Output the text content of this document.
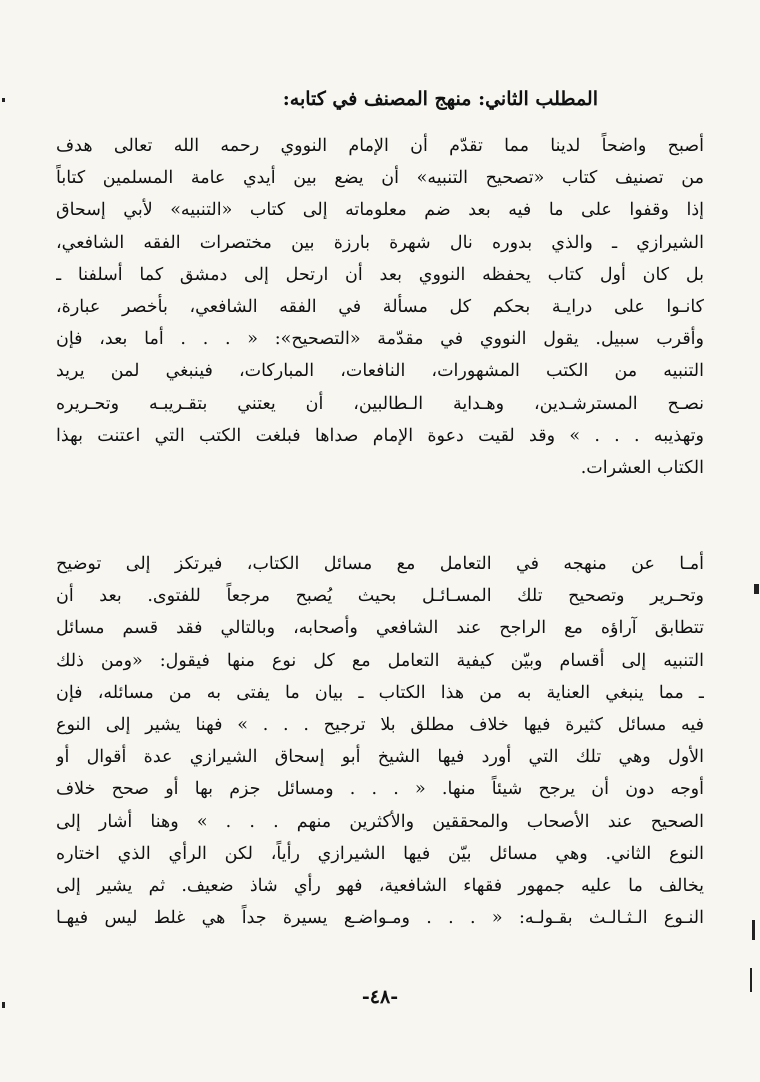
المطلب الثاني: منهج المصنف في كتابه:
أصبح واضحاً لدينا مما تقدّم أن الإمام النووي رحمه الله تعالى هدف
من تصنيف كتاب «تصحيح التنبيه» أن يضع بين أيدي عامة المسلمين كتاباً
إذا وقفوا على ما فيه بعد ضم معلوماته إلى كتاب «التنبيه» لأبي إسحاق
الشيرازي ـ والذي بدوره نال شهرة بارزة بين مختصرات الفقه الشافعي،
بل كان أول كتاب يحفظه النووي بعد أن ارتحل إلى دمشق كما أسلفنا ـ
كانـوا على درايـة بحكم كل مسألة في الفقه الشافعي، بأخصر عبارة،
وأقرب سبيل. يقول النووي في مقدّمة «التصحيح»: « . . . أما بعد، فإن
التنبيه من الكتب المشهورات، النافعات، المباركات، فينبغي لمن يريد
نصـح المسترشـدين، وهـداية الـطالبين، أن يعتني بتقـريبـه وتحـريره
وتهذيبه . . . » وقد لقيت دعوة الإمام صداها فبلغت الكتب التي اعتنت بهذا
الكتاب العشرات.
أمـا عن منهجه في التعامل مع مسائل الكتاب، فيرتكز إلى توضيح
وتحـرير وتصحيح تلك المسـائـل بحيث يُصبح مرجعاً للفتوى. بعد أن
تتطابق آراؤه مع الراجح عند الشافعي وأصحابه، وبالتالي فقد قسم مسائل
التنبيه إلى أقسام وبيّن كيفية التعامل مع كل نوع منها فيقول: «ومن ذلك
ـ مما ينبغي العناية به من هذا الكتاب ـ بيان ما يفتى به من مسائله، فإن
فيه مسائل كثيرة فيها خلاف مطلق بلا ترجيح . . . » فهنا يشير إلى النوع
الأول وهي تلك التي أورد فيها الشيخ أبو إسحاق الشيرازي عدة أقوال أو
أوجه دون أن يرجح شيئاً منها. « . . . ومسائل جزم بها أو صحح خلاف
الصحيح عند الأصحاب والمحققين والأكثرين منهم . . . » وهنا أشار إلى
النوع الثاني. وهي مسائل بيّن فيها الشيرازي رأياً، لكن الرأي الذي اختاره
يخالف ما عليه جمهور فقهاء الشافعية، فهو رأي شاذ ضعيف. ثم يشير إلى
النـوع الـثـالـث بقـولـه: « . . . ومـواضـع يسيرة جداً هي غلط ليس فيهـا
-٤٨-
